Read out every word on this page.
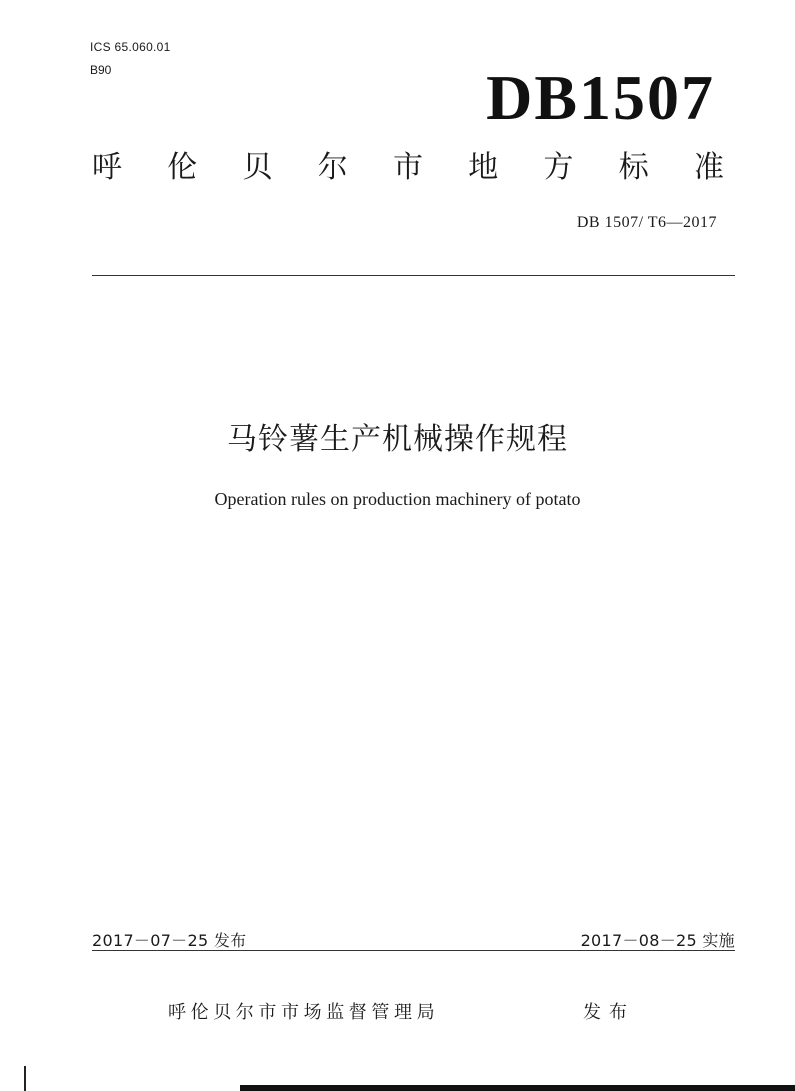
ICS 65.060.01
B90	DB1507
呼 伦 贝 尔 市 地 方 标 准
DB 1507/ T6—2017
马铃薯生产机械操作规程
Operation rules on production machinery of potato
2017－07－25 发布	2017－08－25 实施
呼伦贝尔市市场监督管理局	发布
